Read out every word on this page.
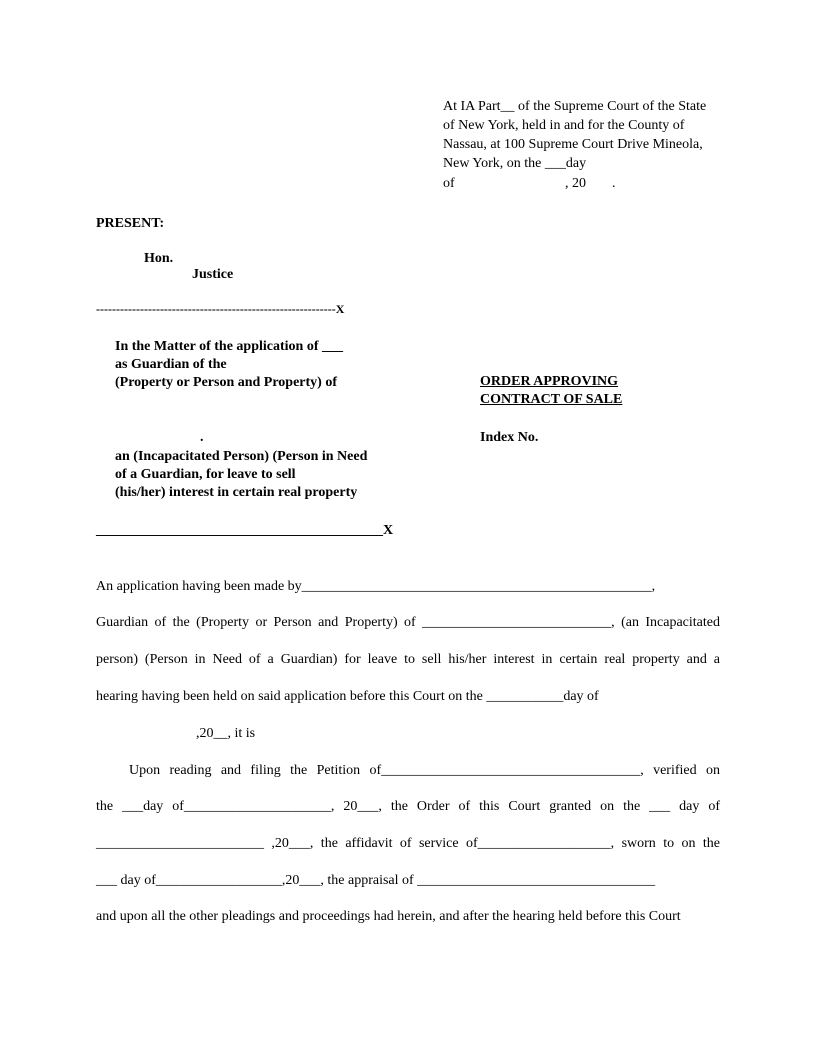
At IA Part__ of the Supreme Court of the State
of New York, held in and for the County of
Nassau, at 100 Supreme Court Drive Mineola,
New York, on the ___day
of	, 20 .
PRESENT:
Hon.
Justice
------------------------------------------------------------X
In the Matter of the application of ___
as Guardian of the
(Property or Person and Property) of
.
an (Incapacitated Person) (Person in Need
of a Guardian, for leave to sell
(his/her) interest in certain real property
_________________________________________X
ORDER APPROVING
CONTRACT OF SALE
Index No.
An application having been made by__________________________________________________,
Guardian of the (Property or Person and Property) of ___________________________, (an Incapacitated
person) (Person in Need of a Guardian) for leave to sell his/her interest in certain real property and a
hearing having been held on said application before this Court on the ___________day of
,20__, it is
Upon reading and filing the Petition of_____________________________________, verified on
the ___day of_____________________, 20___, the Order of this Court granted on the ___ day of
________________________ ,20___, the affidavit of service of___________________, sworn to on the
___ day of__________________,20___, the appraisal of __________________________________
and upon all the other pleadings and proceedings had herein, and after the hearing held before this Court
